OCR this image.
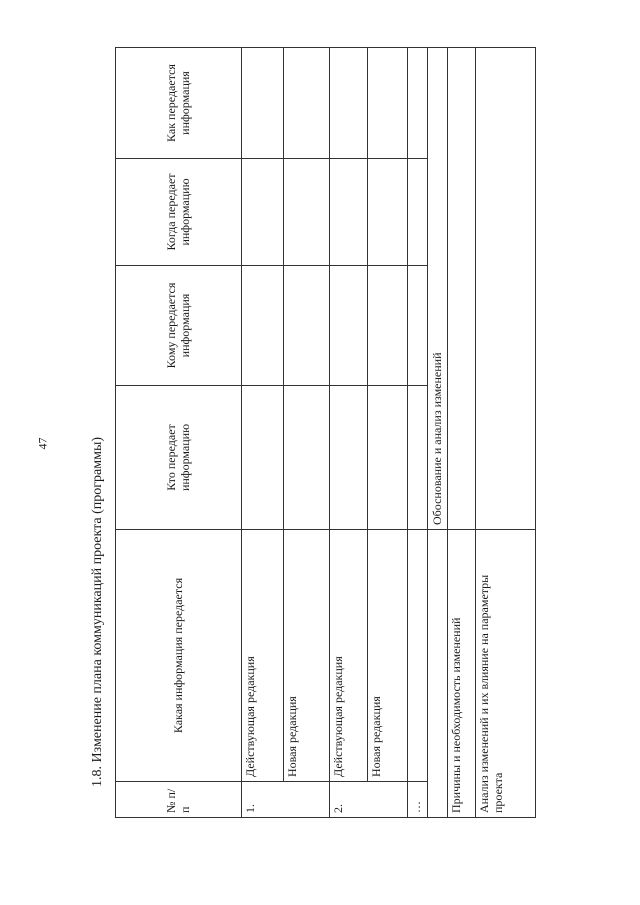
47	1.8. Изменение плана коммуникаций проекта (программы)
№ п/п	Какая информация передается	Кто передает информацию	Кому передается информация	Когда передает информацию	Как передается информация
1.	Действующая редакция				
	Новая редакция				
2.	Действующая редакция				
	Новая редакция				
…					
		Обоснование и анализ изменений			
Причины и необходимость изменений					
Анализ изменений и их влияние на параметры проекта					
